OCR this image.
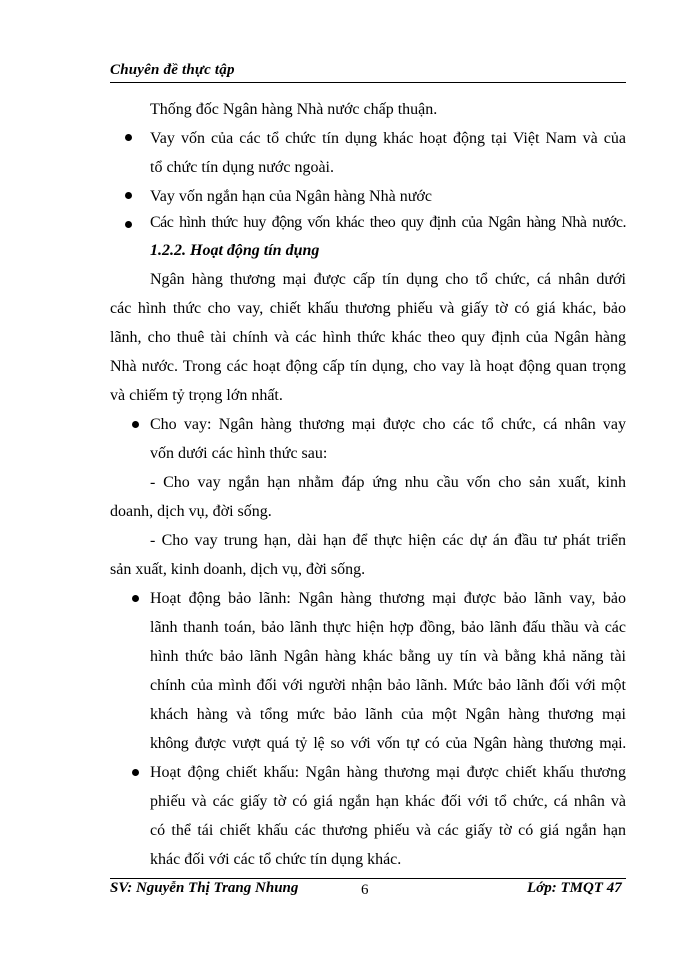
Chuyên đề thực tập
Thống đốc Ngân hàng Nhà nước chấp thuận.
Vay vốn của các tổ chức tín dụng khác hoạt động tại Việt Nam và của
tổ chức tín dụng nước ngoài.
Vay vốn ngắn hạn của Ngân hàng Nhà nước
Các hình thức huy động vốn khác theo quy định của Ngân hàng Nhà nước.
1.2.2. Hoạt động tín dụng
Ngân hàng thương mại được cấp tín dụng cho tổ chức, cá nhân dưới
các hình thức cho vay, chiết khấu thương phiếu và giấy tờ có giá khác, bảo
lãnh, cho thuê tài chính và các hình thức khác theo quy định của Ngân hàng
Nhà nước. Trong các hoạt động cấp tín dụng, cho vay là hoạt động quan trọng
và chiếm tỷ trọng lớn nhất.
Cho vay: Ngân hàng thương mại được cho các tổ chức, cá nhân vay
vốn dưới các hình thức sau:
- Cho vay ngắn hạn nhằm đáp ứng nhu cầu vốn cho sản xuất, kinh
doanh, dịch vụ, đời sống.
- Cho vay trung hạn, dài hạn để thực hiện các dự án đầu tư phát triển
sản xuất, kinh doanh, dịch vụ, đời sống.
Hoạt động bảo lãnh: Ngân hàng thương mại được bảo lãnh vay, bảo
lãnh thanh toán, bảo lãnh thực hiện hợp đồng, bảo lãnh đấu thầu và các
hình thức bảo lãnh Ngân hàng khác bằng uy tín và bằng khả năng tài
chính của mình đối với người nhận bảo lãnh. Mức bảo lãnh đối với một
khách hàng và tổng mức bảo lãnh của một Ngân hàng thương mại
không được vượt quá tỷ lệ so với vốn tự có của Ngân hàng thương mại.
Hoạt động chiết khấu: Ngân hàng thương mại được chiết khấu thương
phiếu và các giấy tờ có giá ngắn hạn khác đối với tổ chức, cá nhân và
có thể tái chiết khấu các thương phiếu và các giấy tờ có giá ngắn hạn
khác đối với các tổ chức tín dụng khác.
SV: Nguyễn Thị Trang Nhung	6	Lớp: TMQT 47
